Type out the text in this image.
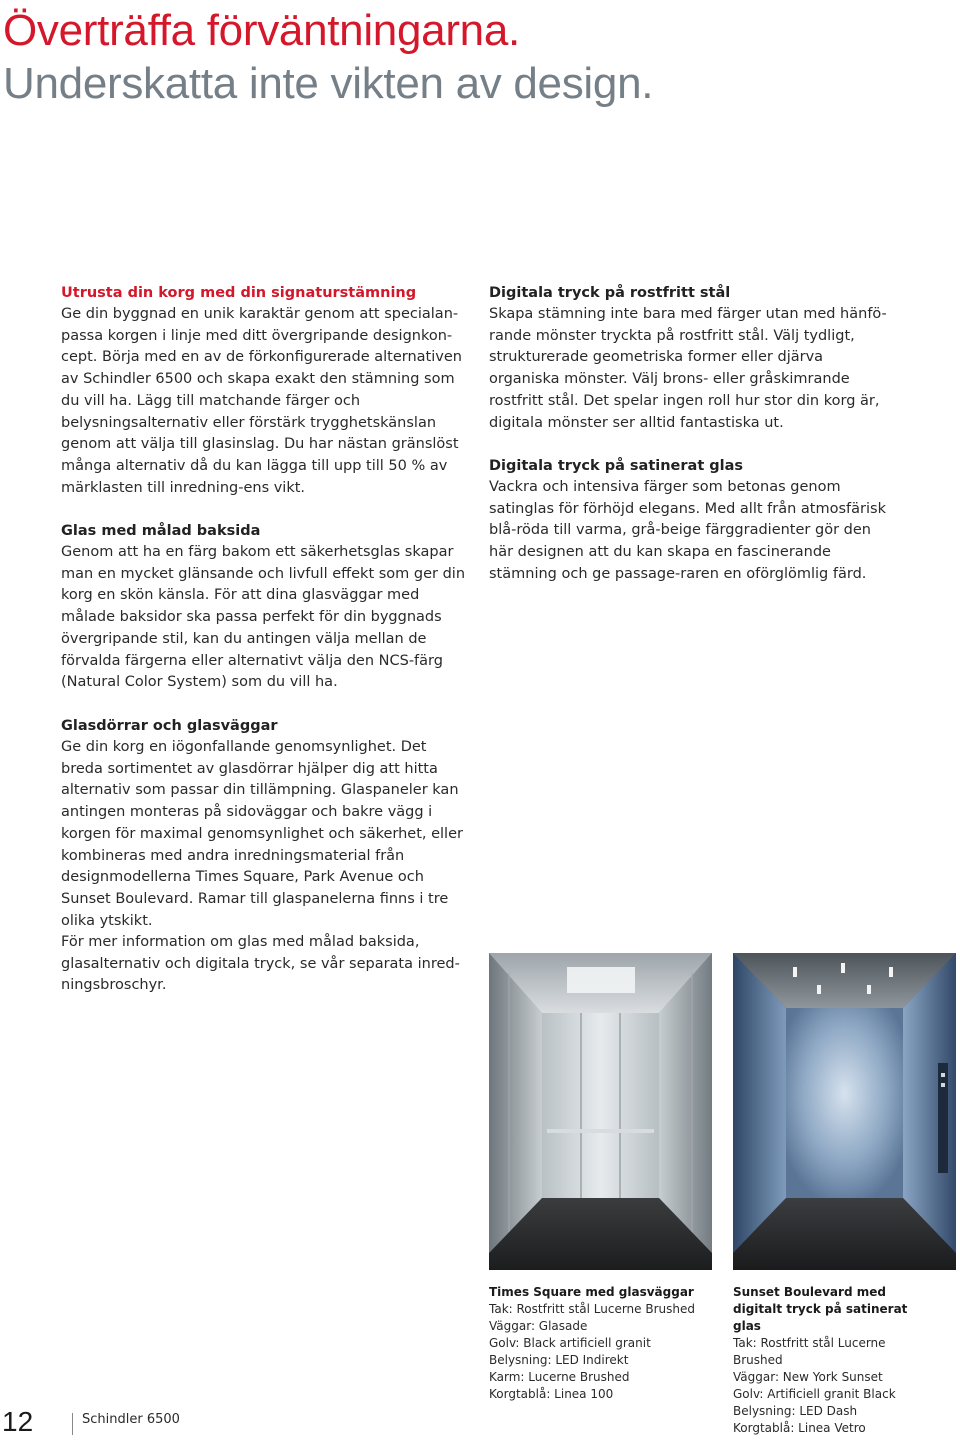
Överträffa förväntningarna.
Underskatta inte vikten av design.
Utrusta din korg med din signaturstämning

Ge din byggnad en unik karaktär genom att specialan-passa korgen i linje med ditt övergripande designkon-cept. Börja med en av de förkonfigurerade alternativen av Schindler 6500 och skapa exakt den stämning som du vill ha. Lägg till matchande färger och belysningsalternativ eller förstärk trygghetskänslan genom att välja till glasinslag. Du har nästan gränslöst många alternativ då du kan lägga till upp till 50 % av märklasten till inredning-ens vikt.

Glas med målad baksida

Genom att ha en färg bakom ett säkerhetsglas skapar man en mycket glänsande och livfull effekt som ger din korg en skön känsla. För att dina glasväggar med målade baksidor ska passa perfekt för din byggnads övergripande stil, kan du antingen välja mellan de förvalda färgerna eller alternativt välja den NCS-färg (Natural Color System) som du vill ha.

Glasdörrar och glasväggar

Ge din korg en iögonfallande genomsynlighet. Det breda sortimentet av glasdörrar hjälper dig att hitta alternativ som passar din tillämpning. Glaspaneler kan antingen monteras på sidoväggar och bakre vägg i korgen för maximal genomsynlighet och säkerhet, eller kombineras med andra inredningsmaterial från designmodellerna Times Square, Park Avenue och Sunset Boulevard. Ramar till glaspanelerna finns i tre olika ytskikt.

För mer information om glas med målad baksida, glasalternativ och digitala tryck, se vår separata inred-ningsbroschyr.

Digitala tryck på rostfritt stål

Skapa stämning inte bara med färger utan med hänfö-rande mönster tryckta på rostfritt stål. Välj tydligt, strukturerade geometriska former eller djärva organiska mönster. Välj brons- eller gråskimrande rostfritt stål. Det spelar ingen roll hur stor din korg är, digitala mönster ser alltid fantastiska ut.

Digitala tryck på satinerat glas

Vackra och intensiva färger som betonas genom satinglas för förhöjd elegans. Med allt från atmosfärisk blå-röda till varma, grå-beige färggradienter gör den här designen att du kan skapa en fascinerande stämning och ge passage-raren en oförglömlig färd.

Times Square med glasväggar
Tak: Rostfritt stål Lucerne Brushed
Väggar: Glasade
Golv: Black artificiell granit
Belysning: LED Indirekt
Karm: Lucerne Brushed
Korgtablå: Linea 100
Sunset Boulevard med digitalt tryck på satinerat glas
Tak: Rostfritt stål Lucerne Brushed
Väggar: New York Sunset
Golv: Artificiell granit Black
Belysning: LED Dash
Korgtablå: Linea Vetro
12	Schindler 6500
